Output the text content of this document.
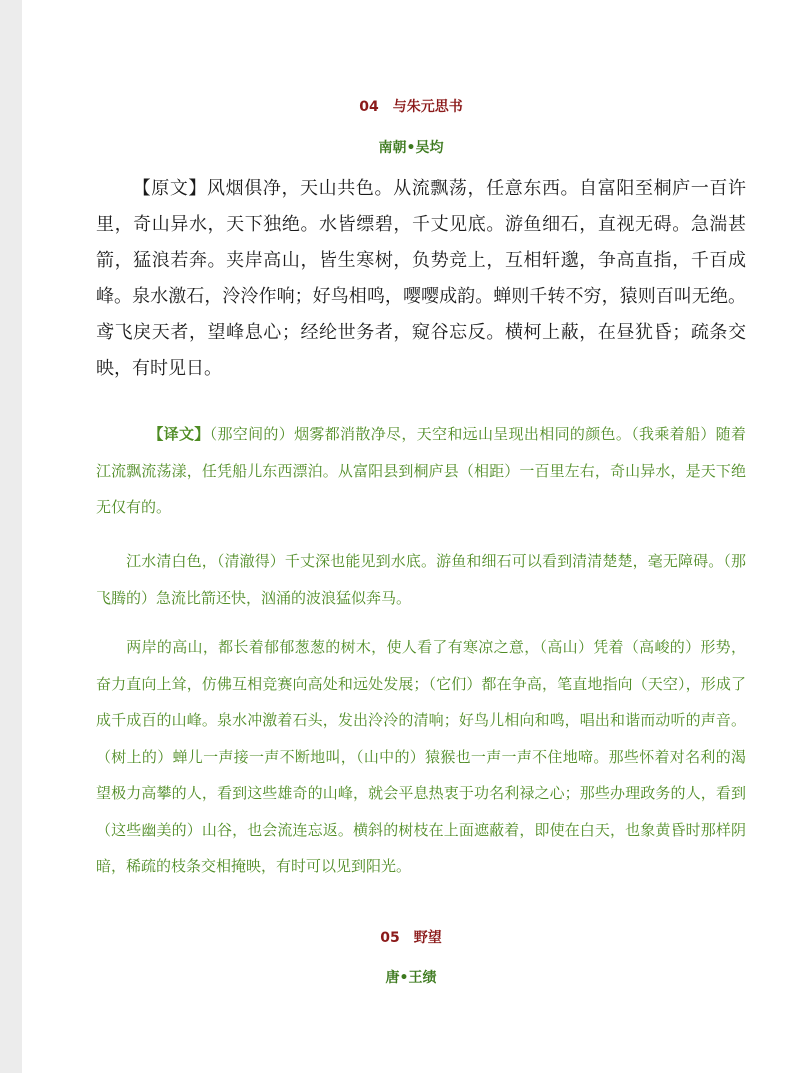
04　与朱元思书
南朝•吴均
【原文】风烟俱净，天山共色。从流飘荡，任意东西。自富阳至桐庐一百许里，奇山异水，天下独绝。水皆缥碧，千丈见底。游鱼细石，直视无碍。急湍甚箭，猛浪若奔。夹岸高山，皆生寒树，负势竞上，互相轩邈，争高直指，千百成峰。泉水激石，泠泠作响；好鸟相鸣，嘤嘤成韵。蝉则千转不穷，猿则百叫无绝。鸢飞戾天者，望峰息心；经纶世务者，窥谷忘反。横柯上蔽，在昼犹昏；疏条交映，有时见日。
【译文】（那空间的）烟雾都消散净尽，天空和远山呈现出相同的颜色。（我乘着船）随着江流飘流荡漾，任凭船儿东西漂泊。从富阳县到桐庐县（相距）一百里左右，奇山异水，是天下绝无仅有的。
江水清白色，（清澈得）千丈深也能见到水底。游鱼和细石可以看到清清楚楚，毫无障碍。（那飞腾的）急流比箭还快，汹涌的波浪猛似奔马。
两岸的高山，都长着郁郁葱葱的树木，使人看了有寒凉之意，（高山）凭着（高峻的）形势，奋力直向上耸，仿佛互相竞赛向高处和远处发展；（它们）都在争高，笔直地指向（天空），形成了成千成百的山峰。泉水冲激着石头，发出泠泠的清响；好鸟儿相向和鸣，唱出和谐而动听的声音。（树上的）蝉儿一声接一声不断地叫，（山中的）猿猴也一声一声不住地啼。那些怀着对名利的渴望极力高攀的人，看到这些雄奇的山峰，就会平息热衷于功名利禄之心；那些办理政务的人，看到（这些幽美的）山谷，也会流连忘返。横斜的树枝在上面遮蔽着，即使在白天，也象黄昏时那样阴暗，稀疏的枝条交相掩映，有时可以见到阳光。
05　野望
唐•王绩
